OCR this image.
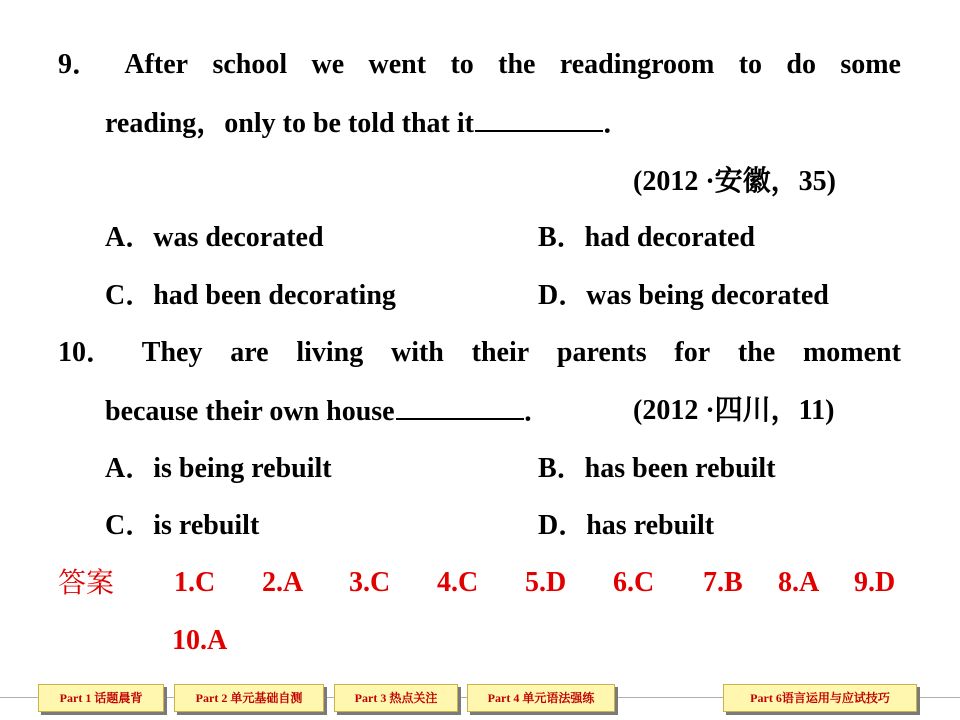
9． After school we went to the readingroom to do some
reading，only to be told that it	．
(2012 ·安徽，35)
A．was decorated	B．had decorated
C．had been decorating	D．was being decorated
10． They are living with their parents for the moment
because their own house	．	(2012 ·四川，11)
A．is being rebuilt	B．has been rebuilt
C．is rebuilt	D．has rebuilt
答案 1.C 2.A 3.C 4.C 5.D 6.C 7.B 8.A 9.D
10.A
Part 1 话题晨背	Part 2 单元基础自测	Part 3 热点关注	Part 4 单元语法强练	Part 6语言运用与应试技巧
